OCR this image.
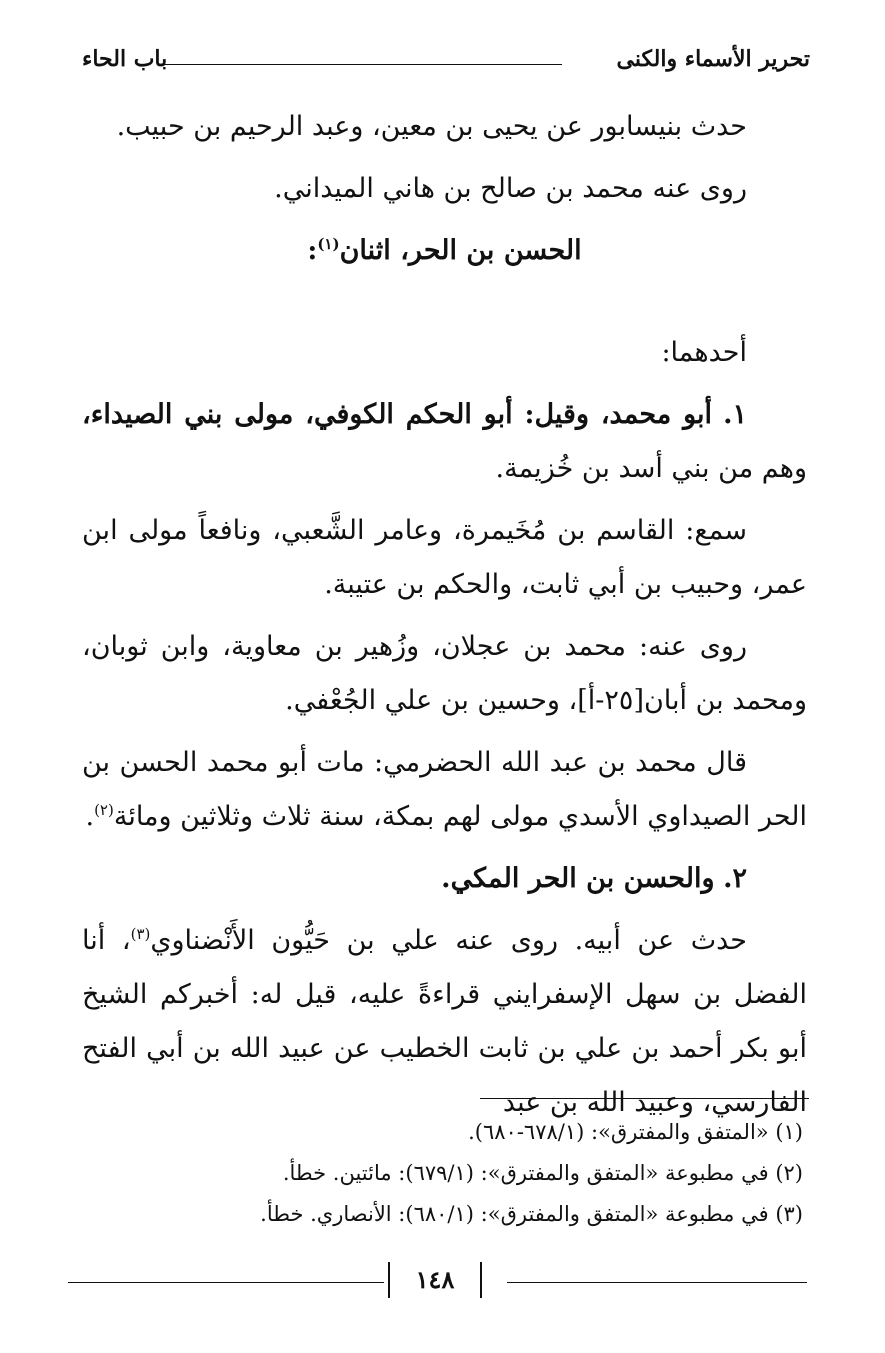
تحرير الأسماء والكنى
باب الحاء

حدث بنيسابور عن يحيى بن معين، وعبد الرحيم بن حبيب.

روى عنه محمد بن صالح بن هاني الميداني.

الحسن بن الحر، اثنان$^{(١)}$:

أحدهما:

١. أبو محمد، وقيل: أبو الحكم الكوفي، مولى بني الصيداء، وهم من بني أسد بن خُزيمة.

سمع: القاسم بن مُخَيمرة، وعامر الشَّعبي، ونافعاً مولى ابن عمر، وحبيب بن أبي ثابت، والحكم بن عتيبة.

روى عنه: محمد بن عجلان، وزُهير بن معاوية، وابن ثوبان، ومحمد بن أبان[٢٥-أ]، وحسين بن علي الجُعْفي.

قال محمد بن عبد الله الحضرمي: مات أبو محمد الحسن بن الحر الصيداوي الأسدي مولى لهم بمكة، سنة ثلاث وثلاثين ومائة$^{(٢)}$.

٢. والحسن بن الحر المكي.

حدث عن أبيه. روى عنه علي بن حَيُّون الأَنْضناوي$^{(٣)}$، أنا الفضل بن سهل الإسفرايني قراءةً عليه، قيل له: أخبركم الشيخ أبو بكر أحمد بن علي بن ثابت الخطيب عن عبيد الله بن أبي الفتح الفارسي، وعبيد الله بن عبد

(١) «المتفق والمفترق»: (٦٧٨/١-٦٨٠).

(٢) في مطبوعة «المتفق والمفترق»: (٦٧٩/١): مائتين. خطأ.

(٣) في مطبوعة «المتفق والمفترق»: (٦٨٠/١): الأنصاري. خطأ.

١٤٨
